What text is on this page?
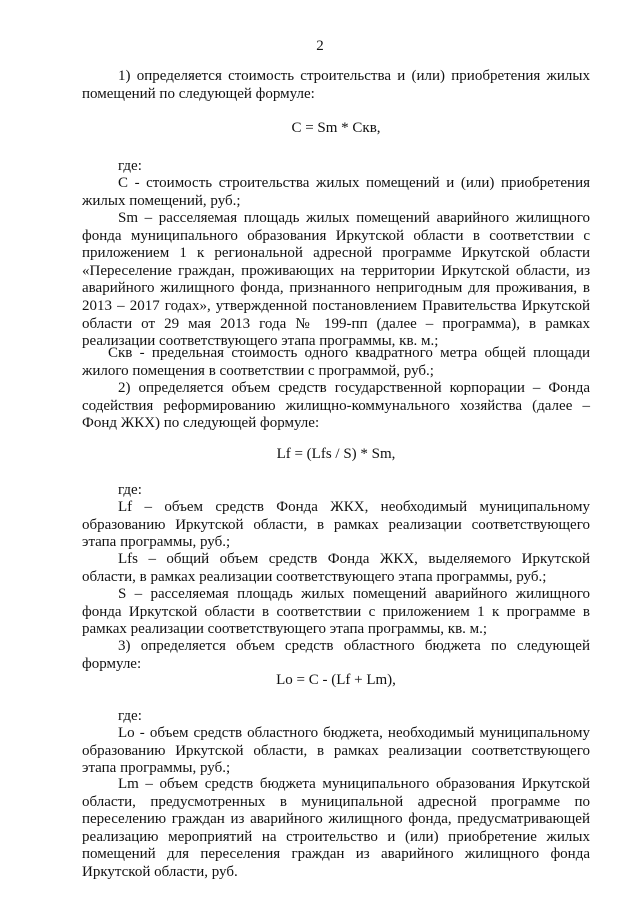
2

1) определяется стоимость строительства и (или) приобретения жилых помещений по следующей формуле:

C = Sm * Скв,

где:

C - стоимость строительства жилых помещений и (или) приобретения жилых помещений, руб.;

Sm – расселяемая площадь жилых помещений аварийного жилищного фонда муниципального образования Иркутской области в соответствии с приложением 1 к региональной адресной программе Иркутской области «Переселение граждан, проживающих на территории Иркутской области, из аварийного жилищного фонда, признанного непригодным для проживания, в 2013 – 2017 годах», утвержденной постановлением Правительства Иркутской области от 29 мая 2013 года № 199-пп (далее – программа), в рамках реализации соответствующего этапа программы, кв. м.;

Скв - предельная стоимость одного квадратного метра общей площади жилого помещения в соответствии с программой, руб.;

2) определяется объем средств государственной корпорации – Фонда содействия реформированию жилищно-коммунального хозяйства (далее – Фонд ЖКХ) по следующей формуле:

Lf = (Lfs / S) * Sm,

где:

Lf – объем средств Фонда ЖКХ, необходимый муниципальному образованию Иркутской области, в рамках реализации соответствующего этапа программы, руб.;

Lfs – общий объем средств Фонда ЖКХ, выделяемого Иркутской области, в рамках реализации соответствующего этапа программы, руб.;

S – расселяемая площадь жилых помещений аварийного жилищного фонда Иркутской области в соответствии с приложением 1 к программе в рамках реализации соответствующего этапа программы, кв. м.;

3) определяется объем средств областного бюджета по следующей формуле:

Lo = C - (Lf + Lm),

где:

Lo - объем средств областного бюджета, необходимый муниципальному образованию Иркутской области, в рамках реализации соответствующего этапа программы, руб.;

Lm – объем средств бюджета муниципального образования Иркутской области, предусмотренных в муниципальной адресной программе по переселению граждан из аварийного жилищного фонда, предусматривающей реализацию мероприятий на строительство и (или) приобретение жилых помещений для переселения граждан из аварийного жилищного фонда Иркутской области, руб.
